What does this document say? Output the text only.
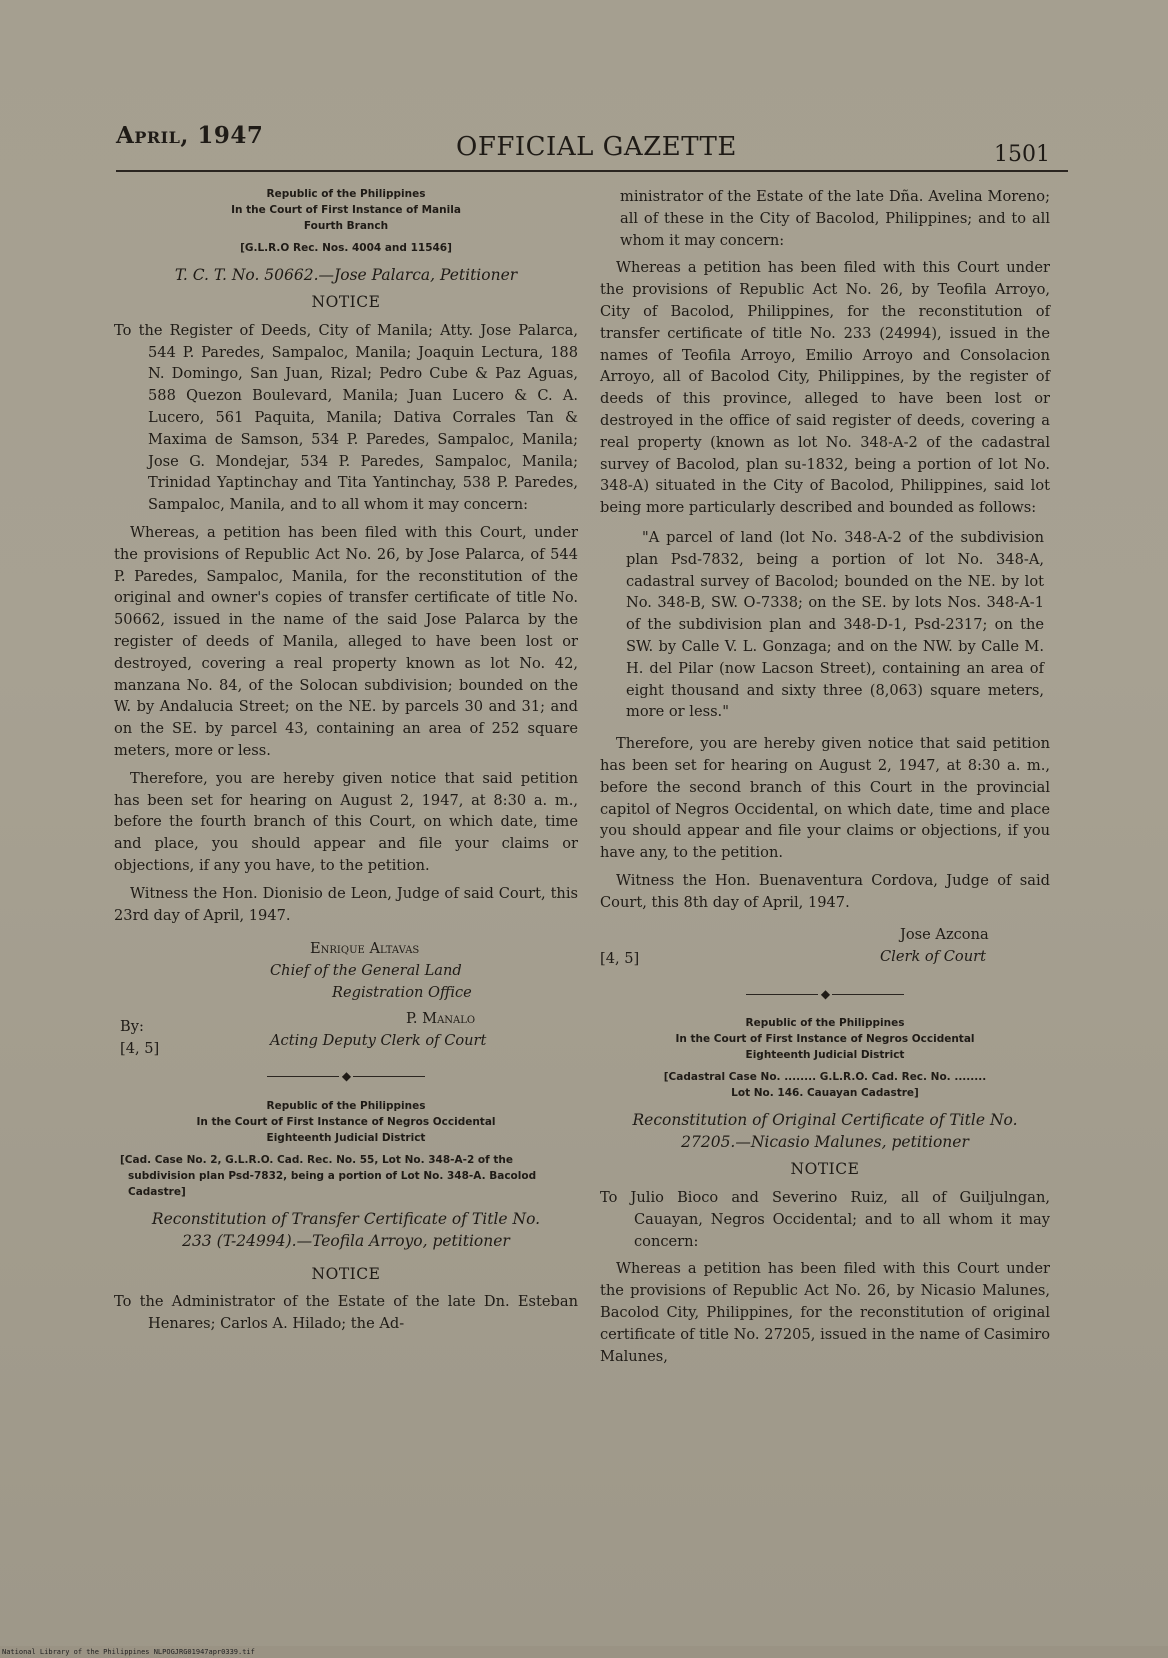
April, 1947	OFFICIAL GAZETTE	1501
Republic of the Philippines
In the Court of First Instance of Manila
Fourth Branch
[G.L.R.O Rec. Nos. 4004 and 11546]
T. C. T. No. 50662.—Jose Palarca, Petitioner
NOTICE
To the Register of Deeds, City of Manila; Atty. Jose Palarca, 544 P. Paredes, Sampaloc, Manila; Joaquin Lectura, 188 N. Domingo, San Juan, Rizal; Pedro Cube & Paz Aguas, 588 Quezon Boulevard, Manila; Juan Lucero & C. A. Lucero, 561 Paquita, Manila; Dativa Corrales Tan & Maxima de Samson, 534 P. Paredes, Sampaloc, Manila; Jose G. Mondejar, 534 P. Paredes, Sampaloc, Manila; Trinidad Yaptinchay and Tita Yantinchay, 538 P. Paredes, Sampaloc, Manila, and to all whom it may concern:

Whereas, a petition has been filed with this Court, under the provisions of Republic Act No. 26, by Jose Palarca, of 544 P. Paredes, Sampaloc, Manila, for the reconstitution of the original and owner's copies of transfer certificate of title No. 50662, issued in the name of the said Jose Palarca by the register of deeds of Manila, alleged to have been lost or destroyed, covering a real property known as lot No. 42, manzana No. 84, of the Solocan subdivision; bounded on the W. by Andalucia Street; on the NE. by parcels 30 and 31; and on the SE. by parcel 43, containing an area of 252 square meters, more or less.

Therefore, you are hereby given notice that said petition has been set for hearing on August 2, 1947, at 8:30 a. m., before the fourth branch of this Court, on which date, time and place, you should appear and file your claims or objections, if any you have, to the petition.

Witness the Hon. Dionisio de Leon, Judge of said Court, this 23rd day of April, 1947.

Enrique Altavas
Chief of the General Land
Registration Office
By:
[4, 5]
P. Manalo
Acting Deputy Clerk of Court
◆
Republic of the Philippines
In the Court of First Instance of Negros Occidental
Eighteenth Judicial District
[Cad. Case No. 2, G.L.R.O. Cad. Rec. No. 55, Lot No. 348-A-2 of the subdivision plan Psd-7832, being a portion of Lot No. 348-A. Bacolod Cadastre]
Reconstitution of Transfer Certificate of Title No.
233 (T-24994).—Teofila Arroyo, petitioner
NOTICE
To the Administrator of the Estate of the late Dn. Esteban Henares; Carlos A. Hilado; the Ad-
ministrator of the Estate of the late Dña. Avelina Moreno; all of these in the City of Bacolod, Philippines; and to all whom it may concern:

Whereas a petition has been filed with this Court under the provisions of Republic Act No. 26, by Teofila Arroyo, City of Bacolod, Philippines, for the reconstitution of transfer certificate of title No. 233 (24994), issued in the names of Teofila Arroyo, Emilio Arroyo and Consolacion Arroyo, all of Bacolod City, Philippines, by the register of deeds of this province, alleged to have been lost or destroyed in the office of said register of deeds, covering a real property (known as lot No. 348-A-2 of the cadastral survey of Bacolod, plan su-1832, being a portion of lot No. 348-A) situated in the City of Bacolod, Philippines, said lot being more particularly described and bounded as follows:

"A parcel of land (lot No. 348-A-2 of the subdivision plan Psd-7832, being a portion of lot No. 348-A, cadastral survey of Bacolod; bounded on the NE. by lot No. 348-B, SW. O-7338; on the SE. by lots Nos. 348-A-1 of the subdivision plan and 348-D-1, Psd-2317; on the SW. by Calle V. L. Gonzaga; and on the NW. by Calle M. H. del Pilar (now Lacson Street), containing an area of eight thousand and sixty three (8,063) square meters, more or less."

Therefore, you are hereby given notice that said petition has been set for hearing on August 2, 1947, at 8:30 a. m., before the second branch of this Court in the provincial capitol of Negros Occidental, on which date, time and place you should appear and file your claims or objections, if you have any, to the petition.

Witness the Hon. Buenaventura Cordova, Judge of said Court, this 8th day of April, 1947.

Jose Azcona
Clerk of Court
[4, 5]
◆
Republic of the Philippines
In the Court of First Instance of Negros Occidental
Eighteenth Judicial District
[Cadastral Case No. ........ G.L.R.O. Cad. Rec. No. ........
Lot No. 146. Cauayan Cadastre]
Reconstitution of Original Certificate of Title No.
27205.—Nicasio Malunes, petitioner
NOTICE
To Julio Bioco and Severino Ruiz, all of Guiljulngan, Cauayan, Negros Occidental; and to all whom it may concern:

Whereas a petition has been filed with this Court under the provisions of Republic Act No. 26, by Nicasio Malunes, Bacolod City, Philippines, for the reconstitution of original certificate of title No. 27205, issued in the name of Casimiro Malunes,

National Library of the Philippines NLPOGJRG01947apr0339.tif
